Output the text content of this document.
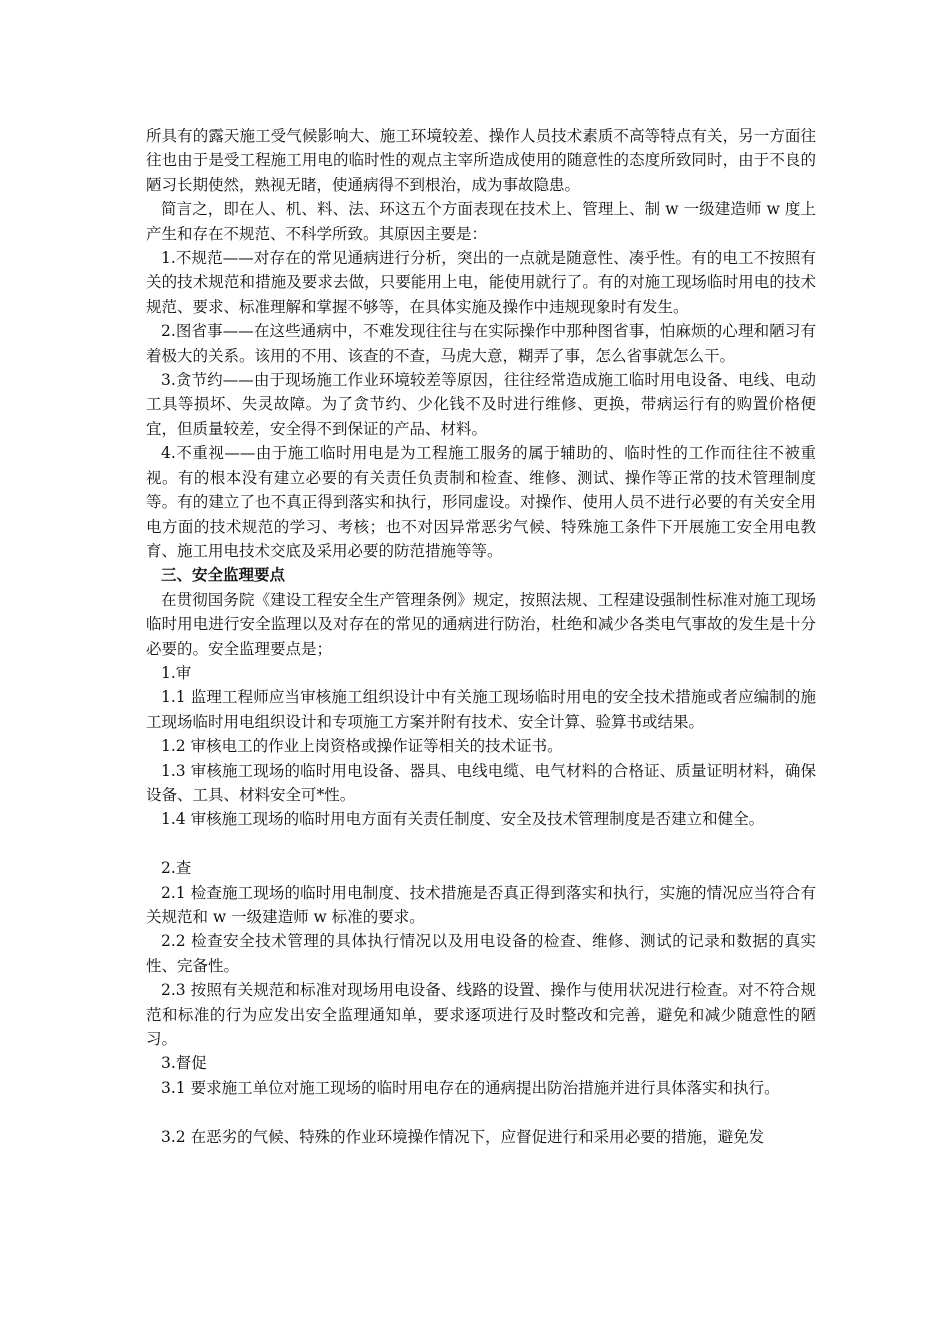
所具有的露天施工受气候影响大、施工环境较差、操作人员技术素质不高等特点有关，另一方面往往也由于是受工程施工用电的临时性的观点主宰所造成使用的随意性的态度所致同时，由于不良的陋习长期使然，熟视无睹，使通病得不到根治，成为事故隐患。
简言之，即在人、机、料、法、环这五个方面表现在技术上、管理上、制 w 一级建造师 w 度上产生和存在不规范、不科学所致。其原因主要是：
1.不规范——对存在的常见通病进行分析，突出的一点就是随意性、凑乎性。有的电工不按照有关的技术规范和措施及要求去做，只要能用上电，能使用就行了。有的对施工现场临时用电的技术规范、要求、标准理解和掌握不够等，在具体实施及操作中违规现象时有发生。
2.图省事——在这些通病中，不难发现往往与在实际操作中那种图省事，怕麻烦的心理和陋习有着极大的关系。该用的不用、该查的不查，马虎大意，糊弄了事，怎么省事就怎么干。
3.贪节约——由于现场施工作业环境较差等原因，往往经常造成施工临时用电设备、电线、电动工具等损坏、失灵故障。为了贪节约、少化钱不及时进行维修、更换，带病运行有的购置价格便宜，但质量较差，安全得不到保证的产品、材料。
4.不重视——由于施工临时用电是为工程施工服务的属于辅助的、临时性的工作而往往不被重视。有的根本没有建立必要的有关责任负责制和检查、维修、测试、操作等正常的技术管理制度等。有的建立了也不真正得到落实和执行，形同虚设。对操作、使用人员不进行必要的有关安全用电方面的技术规范的学习、考核；也不对因异常恶劣气候、特殊施工条件下开展施工安全用电教育、施工用电技术交底及采用必要的防范措施等等。
三、安全监理要点
在贯彻国务院《建设工程安全生产管理条例》规定，按照法规、工程建设强制性标准对施工现场临时用电进行安全监理以及对存在的常见的通病进行防治，杜绝和减少各类电气事故的发生是十分必要的。安全监理要点是；
1.审
1.1 监理工程师应当审核施工组织设计中有关施工现场临时用电的安全技术措施或者应编制的施工现场临时用电组织设计和专项施工方案并附有技术、安全计算、验算书或结果。
1.2 审核电工的作业上岗资格或操作证等相关的技术证书。
1.3 审核施工现场的临时用电设备、器具、电线电缆、电气材料的合格证、质量证明材料，确保设备、工具、材料安全可*性。
1.4 审核施工现场的临时用电方面有关责任制度、安全及技术管理制度是否建立和健全。
2.查
2.1 检查施工现场的临时用电制度、技术措施是否真正得到落实和执行，实施的情况应当符合有关规范和 w 一级建造师 w 标准的要求。
2.2 检查安全技术管理的具体执行情况以及用电设备的检查、维修、测试的记录和数据的真实性、完备性。
2.3 按照有关规范和标准对现场用电设备、线路的设置、操作与使用状况进行检查。对不符合规范和标准的行为应发出安全监理通知单，要求逐项进行及时整改和完善，避免和减少随意性的陋习。
3.督促
3.1 要求施工单位对施工现场的临时用电存在的通病提出防治措施并进行具体落实和执行。
3.2 在恶劣的气候、特殊的作业环境操作情况下，应督促进行和采用必要的措施，避免发
